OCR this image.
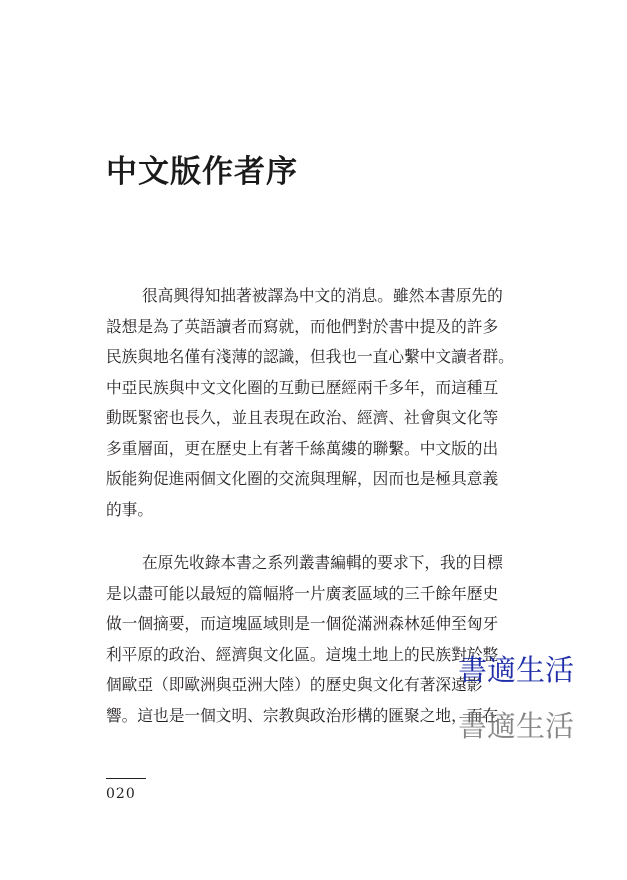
中文版作者序
很高興得知拙著被譯為中文的消息。雖然本書原先的
設想是為了英語讀者而寫就，而他們對於書中提及的許多
民族與地名僅有淺薄的認識，但我也一直心繫中文讀者群。
中亞民族與中文文化圈的互動已歷經兩千多年，而這種互
動既緊密也長久，並且表現在政治、經濟、社會與文化等
多重層面，更在歷史上有著千絲萬縷的聯繫。中文版的出
版能夠促進兩個文化圈的交流與理解，因而也是極具意義
的事。
在原先收錄本書之系列叢書編輯的要求下，我的目標
是以盡可能以最短的篇幅將一片廣袤區域的三千餘年歷史
做一個摘要，而這塊區域則是一個從滿洲森林延伸至匈牙
利平原的政治、經濟與文化區。這塊土地上的民族對於整
個歐亞（即歐洲與亞洲大陸）的歷史與文化有著深遠影
響。這也是一個文明、宗教與政治形構的匯聚之地，而在
020
書適生活
書適生活
